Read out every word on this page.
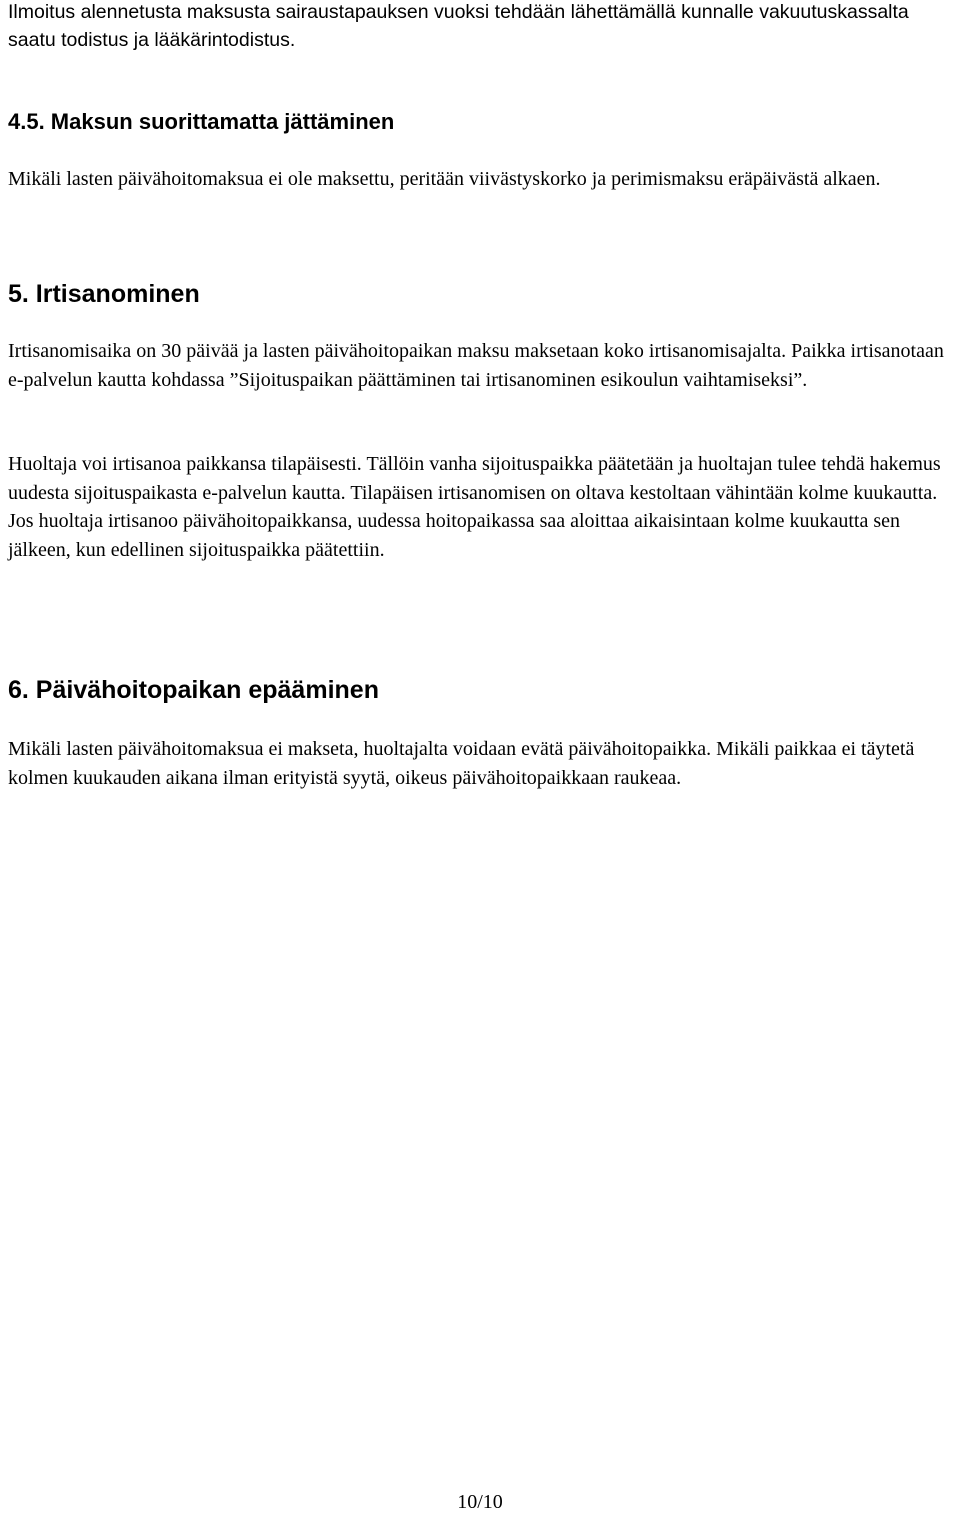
Ilmoitus alennetusta maksusta sairaustapauksen vuoksi tehdään lähettämällä kunnalle vakuutuskassalta saatu todistus ja lääkärintodistus.

4.5. Maksun suorittamatta jättäminen

Mikäli lasten päivähoitomaksua ei ole maksettu, peritään viivästyskorko ja perimismaksu eräpäivästä alkaen.

5. Irtisanominen

Irtisanomisaika on 30 päivää ja lasten päivähoitopaikan maksu maksetaan koko irtisanomisajalta. Paikka irtisanotaan e-palvelun kautta kohdassa ”Sijoituspaikan päättäminen tai irtisanominen esikoulun vaihtamiseksi”.

Huoltaja voi irtisanoa paikkansa tilapäisesti. Tällöin vanha sijoituspaikka päätetään ja huoltajan tulee tehdä hakemus uudesta sijoituspaikasta e-palvelun kautta. Tilapäisen irtisanomisen on oltava kestoltaan vähintään kolme kuukautta. Jos huoltaja irtisanoo päivähoitopaikkansa, uudessa hoitopaikassa saa aloittaa aikaisintaan kolme kuukautta sen jälkeen, kun edellinen sijoituspaikka päätettiin.

6. Päivähoitopaikan epääminen

Mikäli lasten päivähoitomaksua ei makseta, huoltajalta voidaan evätä päivähoitopaikka. Mikäli paikkaa ei täytetä kolmen kuukauden aikana ilman erityistä syytä, oikeus päivähoitopaikkaan raukeaa.

10/10
